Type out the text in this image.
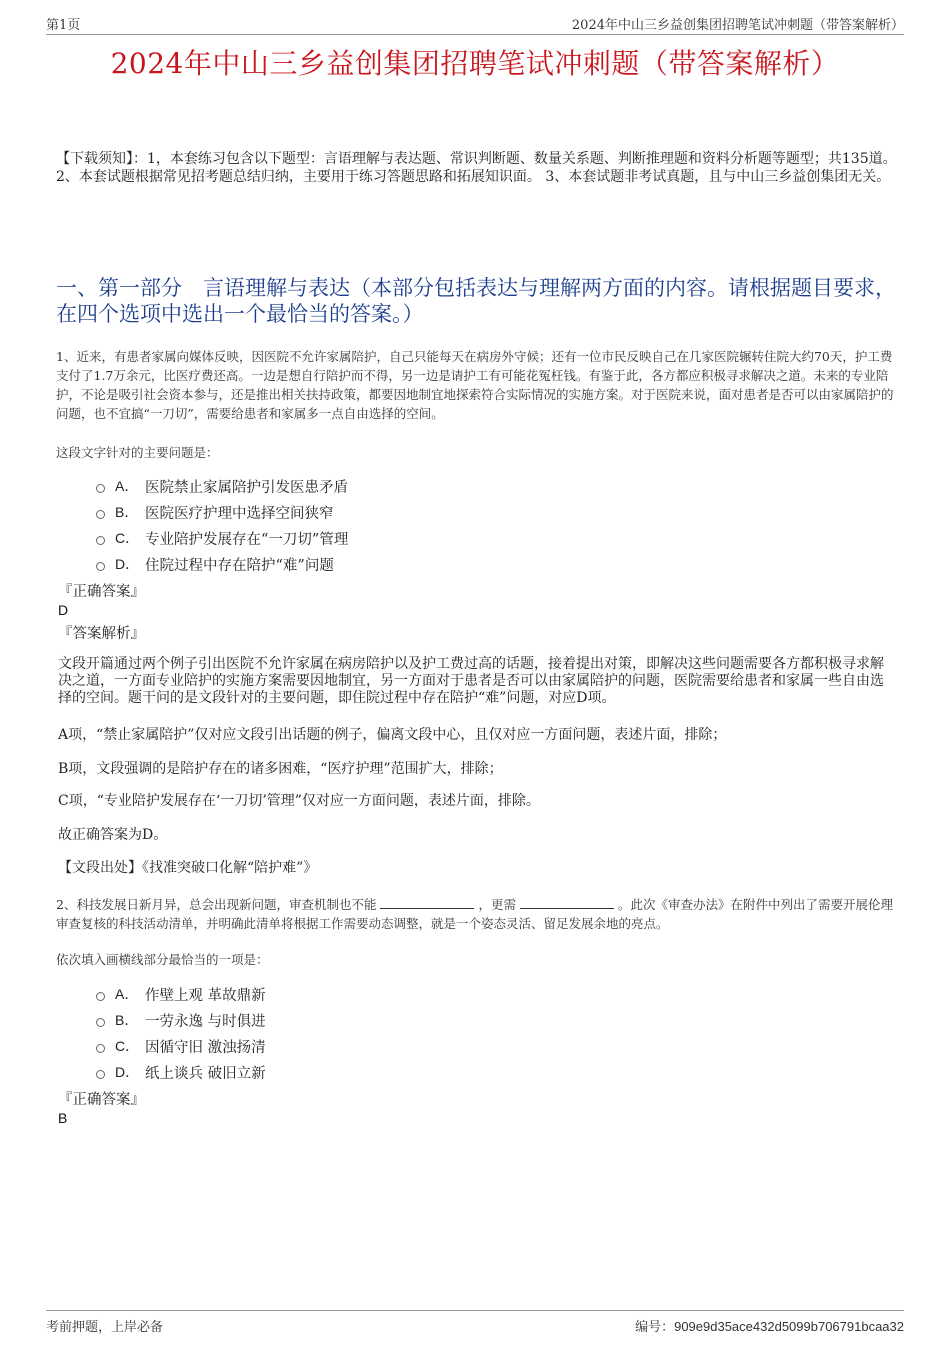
第1页	2024年中山三乡益创集团招聘笔试冲刺题（带答案解析）
2024年中山三乡益创集团招聘笔试冲刺题（带答案解析）
【下载须知】：1，本套练习包含以下题型：言语理解与表达题、常识判断题、数量关系题、判断推理题和资料分析题等题型；共135道。 2、本套试题根据常见招考题总结归纳，主要用于练习答题思路和拓展知识面。 3、本套试题非考试真题，且与中山三乡益创集团无关。
一、第一部分　言语理解与表达（本部分包括表达与理解两方面的内容。请根据题目要求，在四个选项中选出一个最恰当的答案。）
1、近来，有患者家属向媒体反映，因医院不允许家属陪护，自己只能每天在病房外守候；还有一位市民反映自己在几家医院辗转住院大约70天，护工费支付了1.7万余元，比医疗费还高。一边是想自行陪护而不得，另一边是请护工有可能花冤枉钱。有鉴于此，各方都应积极寻求解决之道。未来的专业陪护，不论是吸引社会资本参与，还是推出相关扶持政策，都要因地制宜地探索符合实际情况的实施方案。对于医院来说，面对患者是否可以由家属陪护的问题，也不宜搞“一刀切”，需要给患者和家属多一点自由选择的空间。
这段文字针对的主要问题是：
A． 医院禁止家属陪护引发医患矛盾
B． 医院医疗护理中选择空间狭窄
C． 专业陪护发展存在“一刀切”管理
D． 住院过程中存在陪护“难”问题
『正确答案』
D
『答案解析』
文段开篇通过两个例子引出医院不允许家属在病房陪护以及护工费过高的话题，接着提出对策，即解决这些问题需要各方都积极寻求解决之道，一方面专业陪护的实施方案需要因地制宜，另一方面对于患者是否可以由家属陪护的问题，医院需要给患者和家属一些自由选择的空间。题干问的是文段针对的主要问题，即住院过程中存在陪护“难”问题，对应D项。
A项，“禁止家属陪护”仅对应文段引出话题的例子，偏离文段中心，且仅对应一方面问题，表述片面，排除；
B项，文段强调的是陪护存在的诸多困难，“医疗护理”范围扩大，排除；
C项，“专业陪护发展存在‘一刀切’管理”仅对应一方面问题，表述片面，排除。
故正确答案为D。
【文段出处】《找准突破口化解“陪护难”》
2、科技发展日新月异，总会出现新问题，审查机制也不能	，更需	。此次《审查办法》在附件中列出了需要开展伦理审查复核的科技活动清单，并明确此清单将根据工作需要动态调整，就是一个姿态灵活、留足发展余地的亮点。
依次填入画横线部分最恰当的一项是：
A． 作壁上观 革故鼎新
B． 一劳永逸 与时俱进
C． 因循守旧 激浊扬清
D． 纸上谈兵 破旧立新
『正确答案』
B
考前押题，上岸必备	编号：909e9d35ace432d5099b706791bcaa32
